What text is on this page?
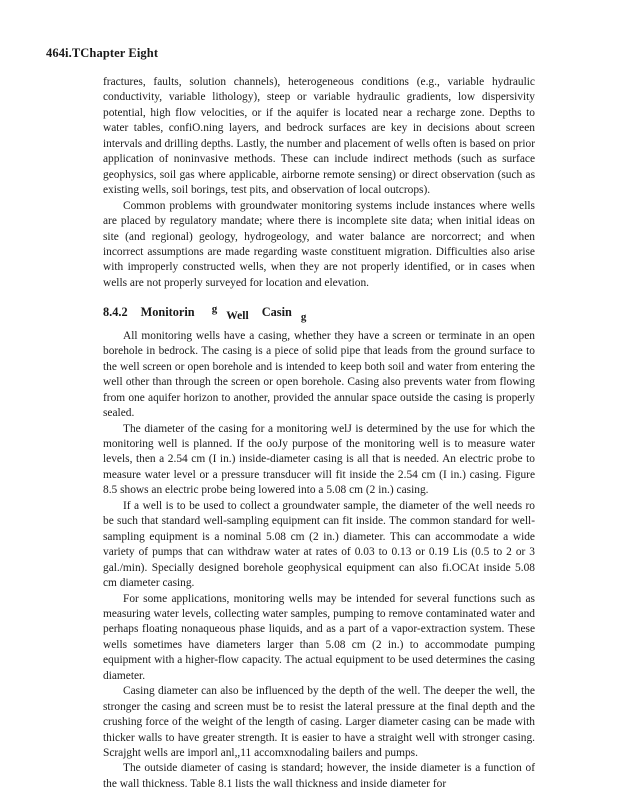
464i.TChapter Eight

fractures, faults, solution channels), heterogeneous conditions (e.g., variable hydraulic conductivity, variable lithology), steep or variable hydraulic gradients, low dispersivity potential, high flow velocities, or if the aquifer is located near a recharge zone. Depths to water tables, confiO.ning layers, and bedrock surfaces are key in decisions about screen intervals and drilling depths. Lastly, the number and placement of wells often is based on prior application of noninvasive methods. These can include indirect methods (such as surface geophysics, soil gas where applicable, airborne remote sensing) or direct observation (such as existing wells, soil borings, test pits, and observation of local outcrops).

Common problems with groundwater monitoring systems include instances where wells are placed by regulatory mandate; where there is incomplete site data; when initial ideas on site (and regional) geology, hydrogeology, and water balance are norcorrect; and when incorrect assumptions are made regarding waste constituent migration. Difficulties also arise with improperly constructed wells, when they are not properly identified, or in cases when wells are not properly surveyed for location and elevation.

8.4.2 Monitorin g Well Casin g

All monitoring wells have a casing, whether they have a screen or terminate in an open borehole in bedrock. The casing is a piece of solid pipe that leads from the ground surface to the well screen or open borehole and is intended to keep both soil and water from entering the well other than through the screen or open borehole. Casing also prevents water from flowing from one aquifer horizon to another, provided the annular space outside the casing is properly sealed.

The diameter of the casing for a monitoring welJ is determined by the use for which the monitoring well is planned. If the ooJy purpose of the monitoring well is to measure water levels, then a 2.54 cm (I in.) inside-diameter casing is all that is needed. An electric probe to measure water level or a pressure transducer will fit inside the 2.54 cm (I in.) casing. Figure 8.5 shows an electric probe being lowered into a 5.08 cm (2 in.) casing.

If a well is to be used to collect a groundwater sample, the diameter of the well needs ro be such that standard well-sampling equipment can fit inside. The common standard for well-sampling equipment is a nominal 5.08 cm (2 in.) diameter. This can accommodate a wide variety of pumps that can withdraw water at rates of 0.03 to 0.13 or 0.19 Lis (0.5 to 2 or 3 gal./min). Specially designed borehole geophysical equipment can also fi.OCAt inside 5.08 cm diameter casing.

For some applications, monitoring wells may be intended for several functions such as measuring water levels, collecting water samples, pumping to remove contaminated water and perhaps floating nonaqueous phase liquids, and as a part of a vapor-extraction system. These wells sometimes have diameters larger than 5.08 cm (2 in.) to accommodate pumping equipment with a higher-flow capacity. The actual equipment to be used determines the casing diameter.

Casing diameter can also be influenced by the depth of the well. The deeper the well, the stronger the casing and screen must be to resist the lateral pressure at the final depth and the crushing force of the weight of the length of casing. Larger diameter casing can be made with thicker walls to have greater strength. It is easier to have a straight well with stronger casing. Scrajght wells are imporl anl,,11 accomxnodaling bailers and pumps.

The outside diameter of casing is standard; however, the inside diameter is a function of the wall thickness. Table 8.1 lists the wall thickness and inside diameter for
